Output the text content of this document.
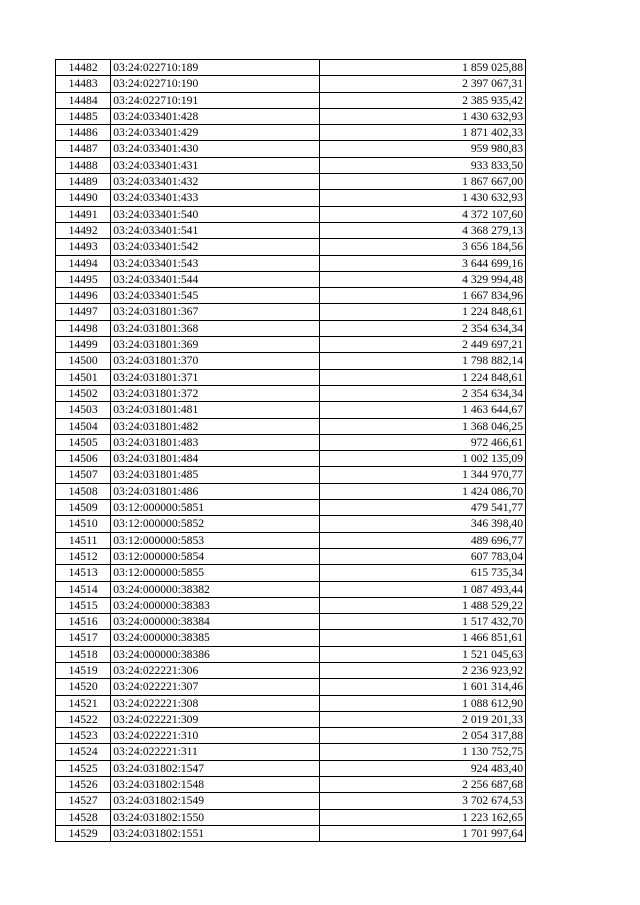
14482	03:24:022710:189	1 859 025,88
14483	03:24:022710:190	2 397 067,31
14484	03:24:022710:191	2 385 935,42
14485	03:24:033401:428	1 430 632,93
14486	03:24:033401:429	1 871 402,33
14487	03:24:033401:430	959 980,83
14488	03:24:033401:431	933 833,50
14489	03:24:033401:432	1 867 667,00
14490	03:24:033401:433	1 430 632,93
14491	03:24:033401:540	4 372 107,60
14492	03:24:033401:541	4 368 279,13
14493	03:24:033401:542	3 656 184,56
14494	03:24:033401:543	3 644 699,16
14495	03:24:033401:544	4 329 994,48
14496	03:24:033401:545	1 667 834,96
14497	03:24:031801:367	1 224 848,61
14498	03:24:031801:368	2 354 634,34
14499	03:24:031801:369	2 449 697,21
14500	03:24:031801:370	1 798 882,14
14501	03:24:031801:371	1 224 848,61
14502	03:24:031801:372	2 354 634,34
14503	03:24:031801:481	1 463 644,67
14504	03:24:031801:482	1 368 046,25
14505	03:24:031801:483	972 466,61
14506	03:24:031801:484	1 002 135,09
14507	03:24:031801:485	1 344 970,77
14508	03:24:031801:486	1 424 086,70
14509	03:12:000000:5851	479 541,77
14510	03:12:000000:5852	346 398,40
14511	03:12:000000:5853	489 696,77
14512	03:12:000000:5854	607 783,04
14513	03:12:000000:5855	615 735,34
14514	03:24:000000:38382	1 087 493,44
14515	03:24:000000:38383	1 488 529,22
14516	03:24:000000:38384	1 517 432,70
14517	03:24:000000:38385	1 466 851,61
14518	03:24:000000:38386	1 521 045,63
14519	03:24:022221:306	2 236 923,92
14520	03:24:022221:307	1 601 314,46
14521	03:24:022221:308	1 088 612,90
14522	03:24:022221:309	2 019 201,33
14523	03:24:022221:310	2 054 317,88
14524	03:24:022221:311	1 130 752,75
14525	03:24:031802:1547	924 483,40
14526	03:24:031802:1548	2 256 687,68
14527	03:24:031802:1549	3 702 674,53
14528	03:24:031802:1550	1 223 162,65
14529	03:24:031802:1551	1 701 997,64
